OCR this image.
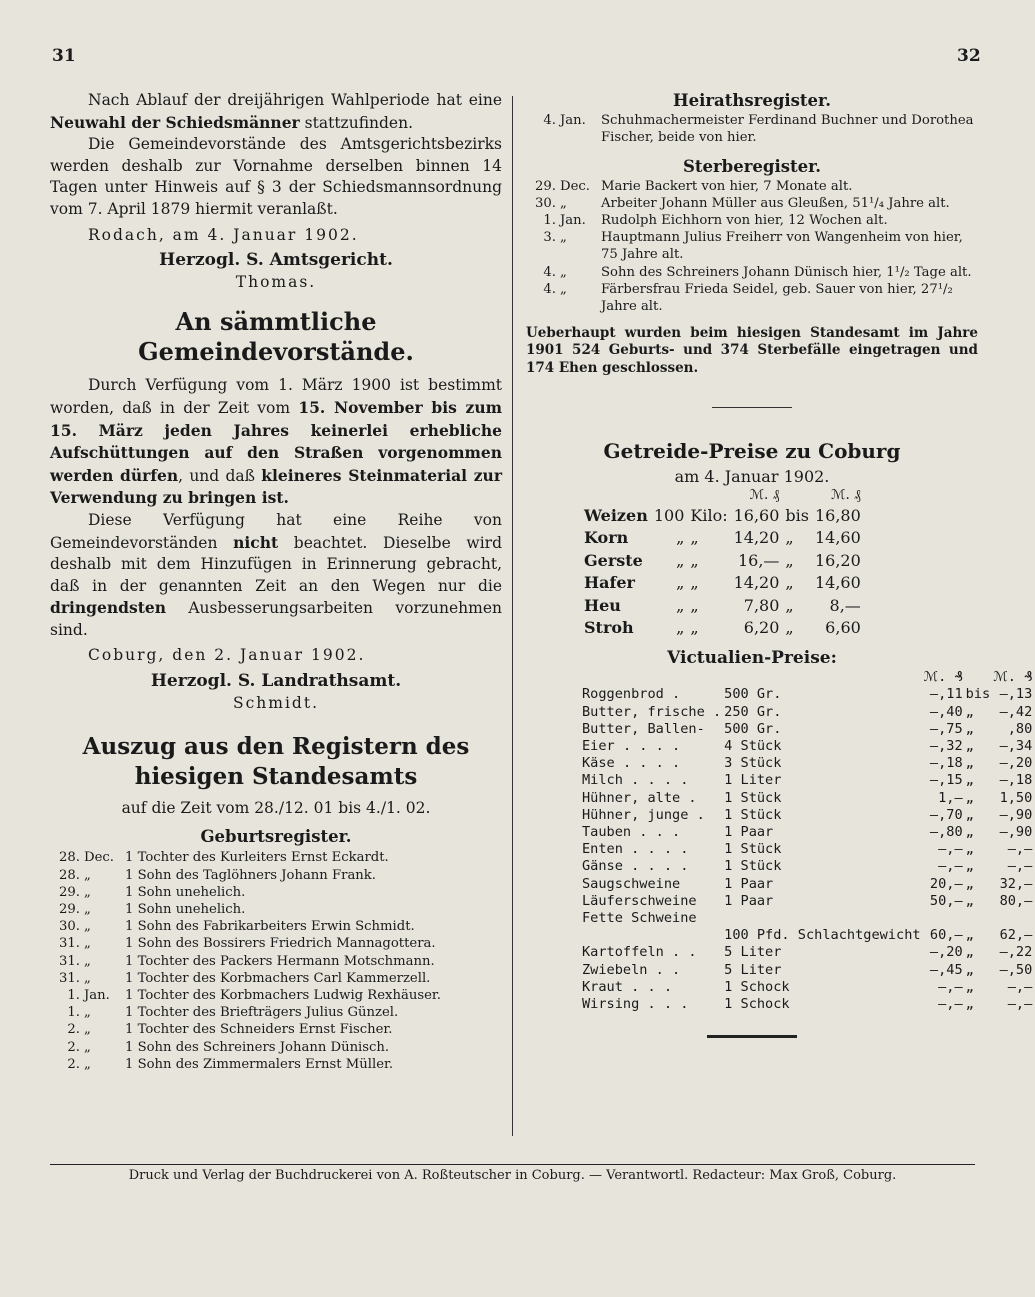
31	32

Nach Ablauf der dreijährigen Wahlperiode hat eine Neuwahl der Schiedsmänner stattzufinden.

Die Gemeindevorstände des Amtsgerichtsbezirks werden deshalb zur Vornahme derselben binnen 14 Tagen unter Hinweis auf § 3 der Schiedsmannsordnung vom 7. April 1879 hiermit veranlaßt.

Rodach, am 4. Januar 1902.

Herzogl. S. Amtsgericht.

Thomas.

An sämmtliche Gemeindevorstände.

Durch Verfügung vom 1. März 1900 ist bestimmt worden, daß in der Zeit vom 15. November bis zum 15. März jeden Jahres keinerlei erhebliche Aufschüttungen auf den Straßen vorgenommen werden dürfen, und daß kleineres Steinmaterial zur Verwendung zu bringen ist.

Diese Verfügung hat eine Reihe von Gemeindevorständen nicht beachtet. Dieselbe wird deshalb mit dem Hinzufügen in Erinnerung gebracht, daß in der genannten Zeit an den Wegen nur die dringendsten Ausbesserungsarbeiten vorzunehmen sind.

Coburg, den 2. Januar 1902.

Herzogl. S. Landrathsamt.

Schmidt.

Auszug aus den Registern des hiesigen Standesamts

auf die Zeit vom 28./12. 01 bis 4./1. 02.

Geburtsregister.

28.	Dec.	1 Tochter des Kurleiters Ernst Eckardt.
28.	„	1 Sohn des Taglöhners Johann Frank.
29.	„	1 Sohn unehelich.
29.	„	1 Sohn unehelich.
30.	„	1 Sohn des Fabrikarbeiters Erwin Schmidt.
31.	„	1 Sohn des Bossirers Friedrich Mannagottera.
31.	„	1 Tochter des Packers Hermann Motschmann.
31.	„	1 Tochter des Korbmachers Carl Kammerzell.
1.	Jan.	1 Tochter des Korbmachers Ludwig Rexhäuser.
1.	„	1 Tochter des Briefträgers Julius Günzel.
2.	„	1 Tochter des Schneiders Ernst Fischer.
2.	„	1 Sohn des Schreiners Johann Dünisch.
2.	„	1 Sohn des Zimmermalers Ernst Müller.

Heirathsregister.

4.	Jan.	Schuhmachermeister Ferdinand Buchner und Dorothea Fischer, beide von hier.

Sterberegister.

29.	Dec.	Marie Backert von hier, 7 Monate alt.
30.	„	Arbeiter Johann Müller aus Gleußen, 51¹/₄ Jahre alt.
1.	Jan.	Rudolph Eichhorn von hier, 12 Wochen alt.
3.	„	Hauptmann Julius Freiherr von Wangenheim von hier, 75 Jahre alt.
4.	„	Sohn des Schreiners Johann Dünisch hier, 1¹/₂ Tage alt.
4.	„	Färbersfrau Frieda Seidel, geb. Sauer von hier, 27¹/₂ Jahre alt.

Ueberhaupt wurden beim hiesigen Standesamt im Jahre 1901 524 Geburts- und 374 Sterbefälle eingetragen und 174 Ehen geschlossen.

Getreide-Preise zu Coburg

am 4. Januar 1902.

			ℳ. ₰		ℳ. ₰
Weizen	100	Kilo:	16,60	bis	16,80
Korn	„	„	14,20	„	14,60
Gerste	„	„	16,—	„	16,20
Hafer	„	„	14,20	„	14,60
Heu	„	„	7,80	„	8,—
Stroh	„	„	6,20	„	6,60

Victualien-Preise:

		ℳ. ₰		ℳ. ₰
Roggenbrod .	500 Gr.	—,11	bis	—,13
Butter, frische .	250 Gr.	—,40	„	—,42
Butter, Ballen-	500 Gr.	—,75	„	,80
Eier . . . .	4 Stück	—,32	„	—,34
Käse . . . .	3 Stück	—,18	„	—,20
Milch . . . .	1 Liter	—,15	„	—,18
Hühner, alte .	1 Stück	1,—	„	1,50
Hühner, junge .	1 Stück	—,70	„	—,90
Tauben . . .	1 Paar	—,80	„	—,90
Enten . . . .	1 Stück	—,—	„	—,—
Gänse . . . .	1 Stück	—,—	„	—,—
Saugschweine	1 Paar	20,—	„	32,—
Läuferschweine	1 Paar	50,—	„	80,—
Fette Schweine				
	100 Pfd. Schlachtgewicht	60,—	„	62,—
Kartoffeln . .	5 Liter	—,20	„	—,22
Zwiebeln . .	5 Liter	—,45	„	—,50
Kraut . . .	1 Schock	—,—	„	—,—
Wirsing . . .	1 Schock	—,—	„	—,—
Druck und Verlag der Buchdruckerei von A. Roßteutscher in Coburg. — Verantwortl. Redacteur: Max Groß, Coburg.
